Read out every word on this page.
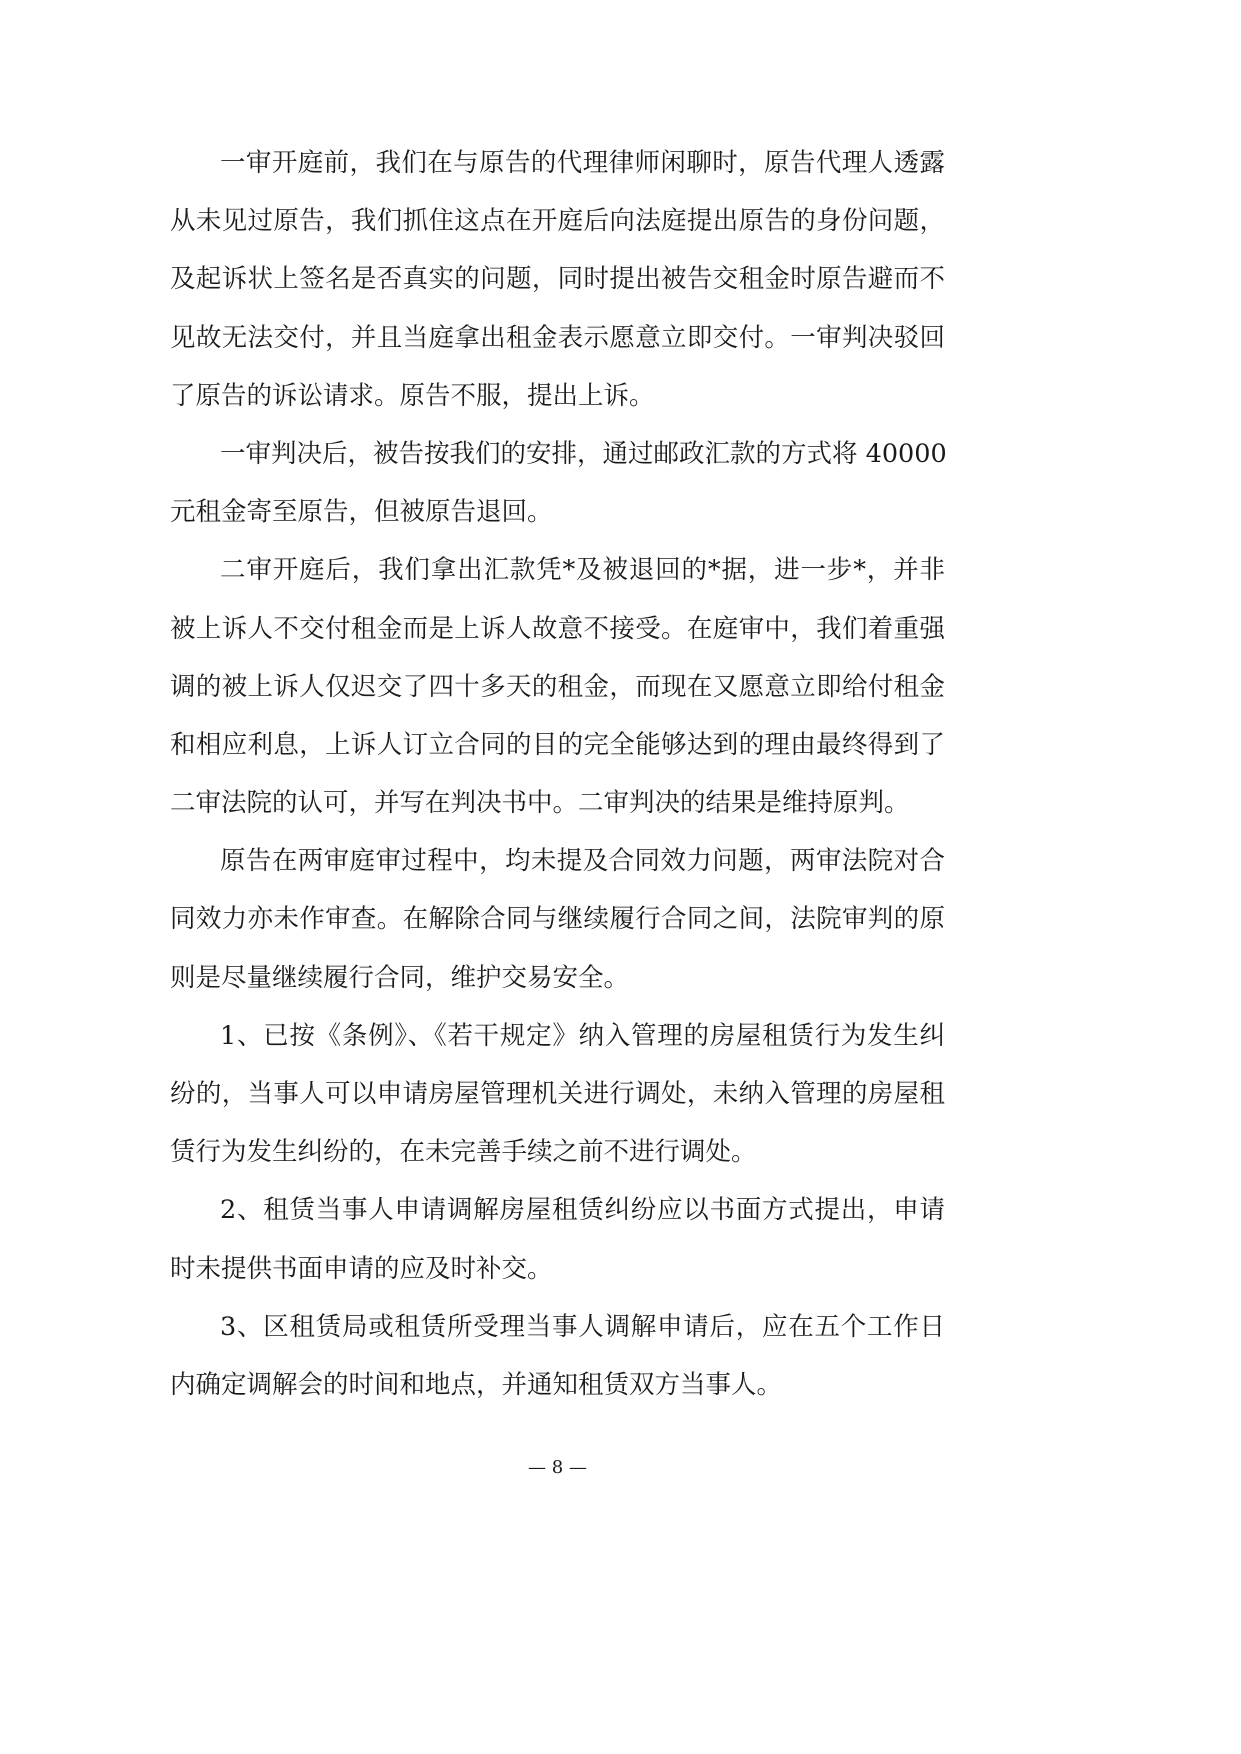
一审开庭前，我们在与原告的代理律师闲聊时，原告代理人透露
从未见过原告，我们抓住这点在开庭后向法庭提出原告的身份问题，
及起诉状上签名是否真实的问题，同时提出被告交租金时原告避而不
见故无法交付，并且当庭拿出租金表示愿意立即交付。一审判决驳回
了原告的诉讼请求。原告不服，提出上诉。
一审判决后，被告按我们的安排，通过邮政汇款的方式将 40000
元租金寄至原告，但被原告退回。
二审开庭后，我们拿出汇款凭*及被退回的*据，进一步*，并非
被上诉人不交付租金而是上诉人故意不接受。在庭审中，我们着重强
调的被上诉人仅迟交了四十多天的租金，而现在又愿意立即给付租金
和相应利息，上诉人订立合同的目的完全能够达到的理由最终得到了
二审法院的认可，并写在判决书中。二审判决的结果是维持原判。
原告在两审庭审过程中，均未提及合同效力问题，两审法院对合
同效力亦未作审查。在解除合同与继续履行合同之间，法院审判的原
则是尽量继续履行合同，维护交易安全。
1、已按《条例》、《若干规定》纳入管理的房屋租赁行为发生纠
纷的，当事人可以申请房屋管理机关进行调处，未纳入管理的房屋租
赁行为发生纠纷的，在未完善手续之前不进行调处。
2、租赁当事人申请调解房屋租赁纠纷应以书面方式提出，申请
时未提供书面申请的应及时补交。
3、区租赁局或租赁所受理当事人调解申请后，应在五个工作日
内确定调解会的时间和地点，并通知租赁双方当事人。
— 8 —
